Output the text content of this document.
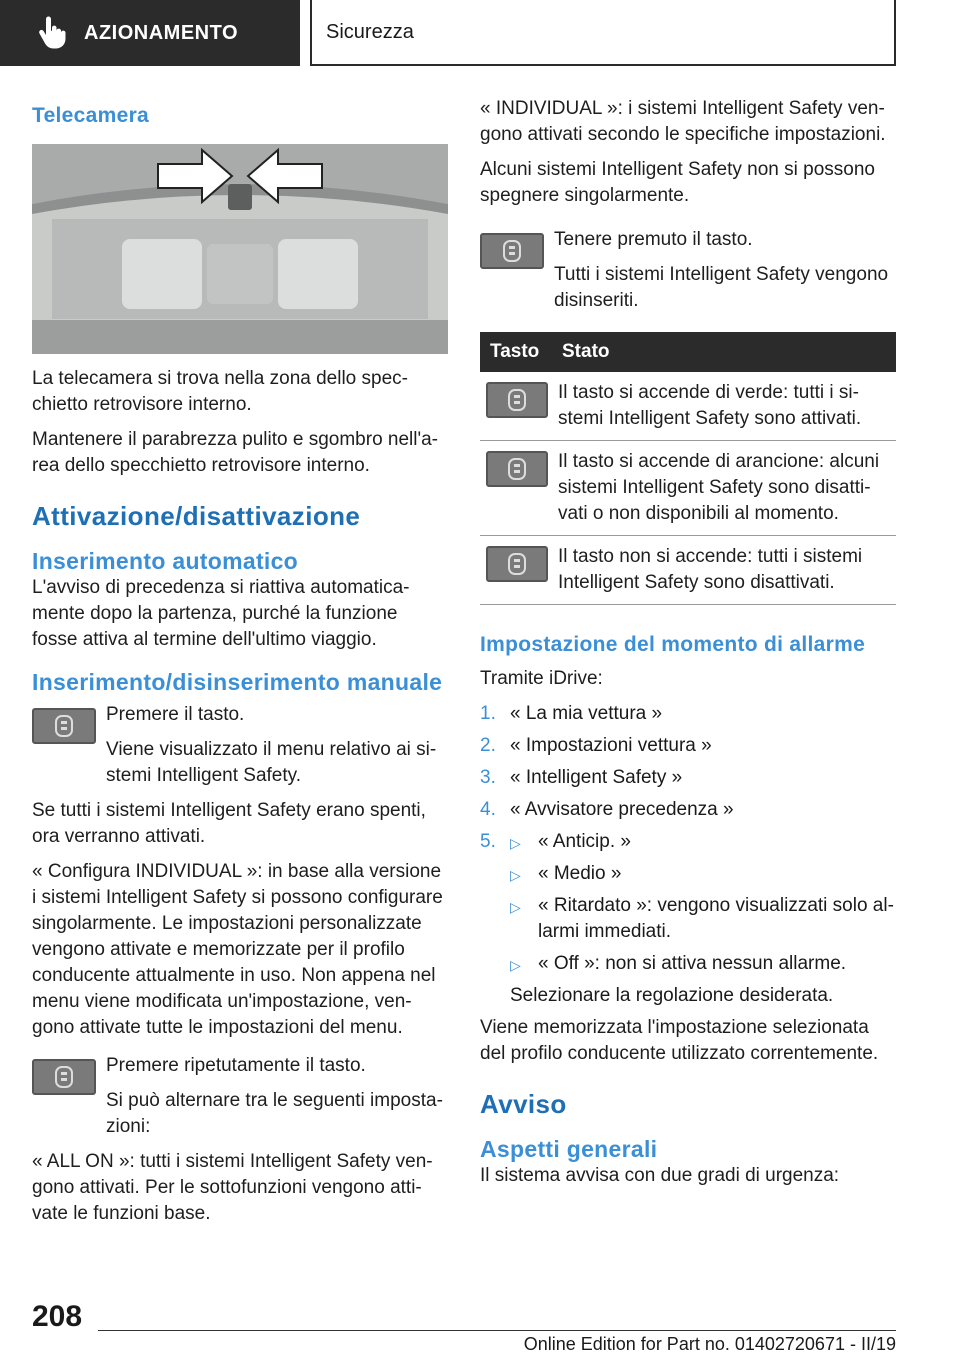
AZIONAMENTO	Sicurezza
Telecamera

La telecamera si trova nella zona dello spec-chietto retrovisore interno.

Mantenere il parabrezza pulito e sgombro nell'a-rea dello specchietto retrovisore interno.

Attivazione/disattivazione
Inserimento automatico

L'avviso di precedenza si riattiva automatica-mente dopo la partenza, purché la funzione fosse attiva al termine dell'ultimo viaggio.

Inserimento/disinserimento manuale

Premere il tasto.

Viene visualizzato il menu relativo ai si-stemi Intelligent Safety.

Se tutti i sistemi Intelligent Safety erano spenti, ora verranno attivati.

« Configura INDIVIDUAL »: in base alla versione i sistemi Intelligent Safety si possono configurare singolarmente. Le impostazioni personalizzate vengono attivate e memorizzate per il profilo conducente attualmente in uso. Non appena nel menu viene modificata un'impostazione, ven-gono attivate tutte le impostazioni del menu.

Premere ripetutamente il tasto.

Si può alternare tra le seguenti imposta-zioni:

« ALL ON »: tutti i sistemi Intelligent Safety ven-gono attivati. Per le sottofunzioni vengono atti-vate le funzioni base.

« INDIVIDUAL »: i sistemi Intelligent Safety ven-gono attivati secondo le specifiche impostazioni.

Alcuni sistemi Intelligent Safety non si possono spegnere singolarmente.

Tenere premuto il tasto.

Tutti i sistemi Intelligent Safety vengono disinseriti.

Tasto	Stato

	Il tasto si accende di verde: tutti i si-stemi Intelligent Safety sono attivati.

	Il tasto si accende di arancione: alcuni sistemi Intelligent Safety sono disatti-vati o non disponibili al momento.

	Il tasto non si accende: tutti i sistemi Intelligent Safety sono disattivati.
Impostazione del momento di allarme

Tramite iDrive:

1. « La mia vettura »
2. « Impostazioni vettura »
3. « Intelligent Safety »
4. « Avvisatore precedenza »
5. ▷ « Anticip. »
▷ « Medio »
▷ « Ritardato »: vengono visualizzati solo al-larmi immediati.
▷ « Off »: non si attiva nessun allarme.
Selezionare la regolazione desiderata.

Viene memorizzata l'impostazione selezionata del profilo conducente utilizzato correntemente.

Avviso
Aspetti generali

Il sistema avvisa con due gradi di urgenza:

208
Online Edition for Part no. 01402720671 - II/19
